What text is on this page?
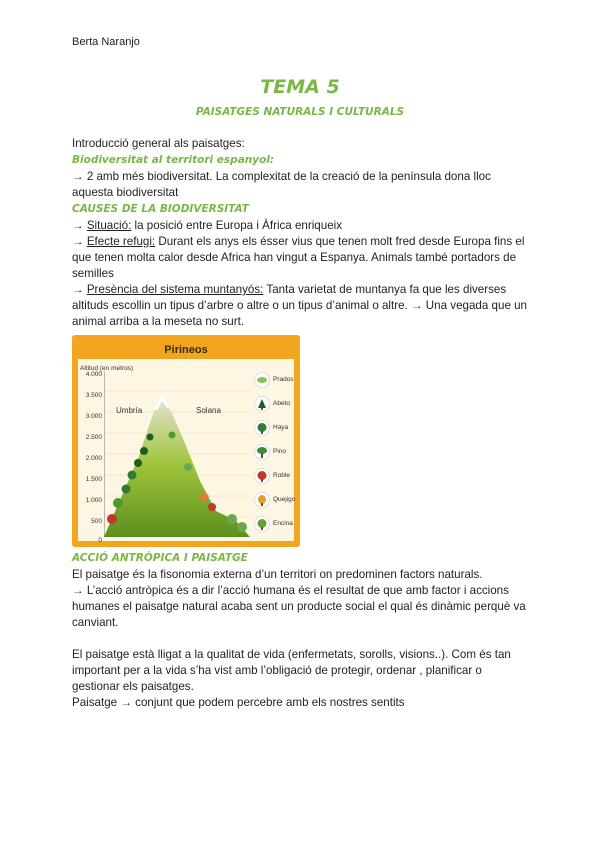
Berta Naranjo
TEMA 5
PAISATGES NATURALS I CULTURALS

Introducció general als paisatges:

Biodiversitat al territori espanyol:

→ 2 amb més biodiversitat. La complexitat de la creació de la península dona lloc aquesta biodiversitat

CAUSES DE LA BIODIVERSITAT

→ Situació: la posició entre Europa i Àfrica enriqueix

→ Efecte refugi: Durant els anys els ésser vius que tenen molt fred desde Europa fins el que tenen molta calor desde Africa han vingut a Espanya. Animals també portadors de semilles

→ Presència del sistema muntanyós: Tanta varietat de muntanya fa que les diverses altituds escollin un tipus d’arbre o altre o un tipus d’animal o altre. → Una vegada que un animal arriba a la meseta no surt.

Pirineos
Altitud (en metros)
4.000
3.500
3.000
2.500
2.000
1.500
1.000
500
0
Umbría	Solana
Prados
Abeto
Haya
Pino
Roble
Quejigo
Encina

ACCIÓ ANTRÒPICA I PAISATGE

El paisatge és la fisonomia externa d’un territori on predominen factors naturals.

→ L’acció antròpica és a dir l’acció humana és el resultat de que amb factor i accions humanes el paisatge natural acaba sent un producte social el qual és dinàmic perquè va canviant.

El paisatge està lligat a la qualitat de vida (enfermetats, sorolls, visions..). Com és tan important per a la vida s’ha vist amb l’obligació de protegir, ordenar , planificar o gestionar els paisatges.

Paisatge → conjunt que podem percebre amb els nostres sentits
